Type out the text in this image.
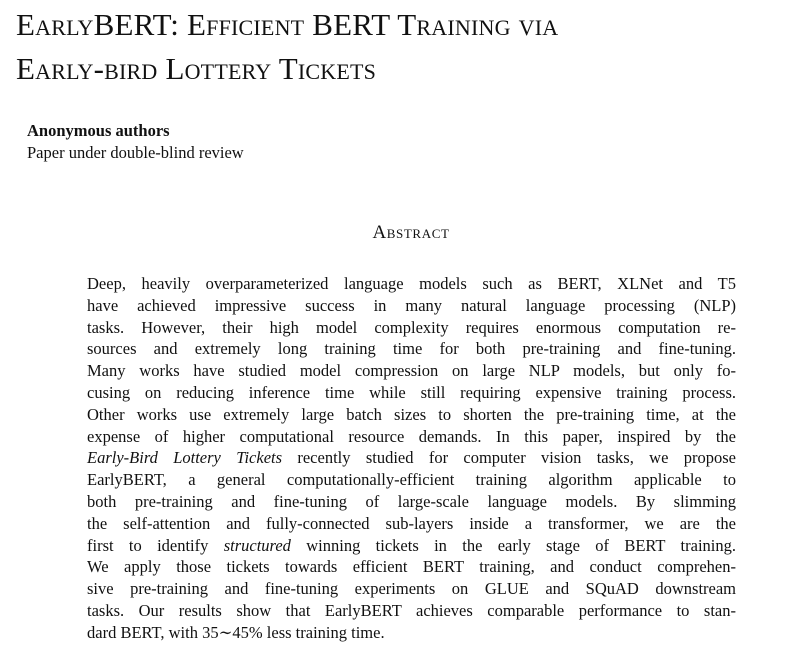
EarlyBERT: Efficient BERT Training via
Early-bird Lottery Tickets
Anonymous authors
Paper under double-blind review
Abstract
Deep, heavily overparameterized language models such as BERT, XLNet and T5
have achieved impressive success in many natural language processing (NLP)
tasks. However, their high model complexity requires enormous computation re-
sources and extremely long training time for both pre-training and fine-tuning.
Many works have studied model compression on large NLP models, but only fo-
cusing on reducing inference time while still requiring expensive training process.
Other works use extremely large batch sizes to shorten the pre-training time, at the
expense of higher computational resource demands. In this paper, inspired by the
Early-Bird Lottery Tickets recently studied for computer vision tasks, we propose
EarlyBERT, a general computationally-efficient training algorithm applicable to
both pre-training and fine-tuning of large-scale language models. By slimming
the self-attention and fully-connected sub-layers inside a transformer, we are the
first to identify structured winning tickets in the early stage of BERT training.
We apply those tickets towards efficient BERT training, and conduct comprehen-
sive pre-training and fine-tuning experiments on GLUE and SQuAD downstream
tasks. Our results show that EarlyBERT achieves comparable performance to stan-
dard BERT, with 35∼45% less training time.
